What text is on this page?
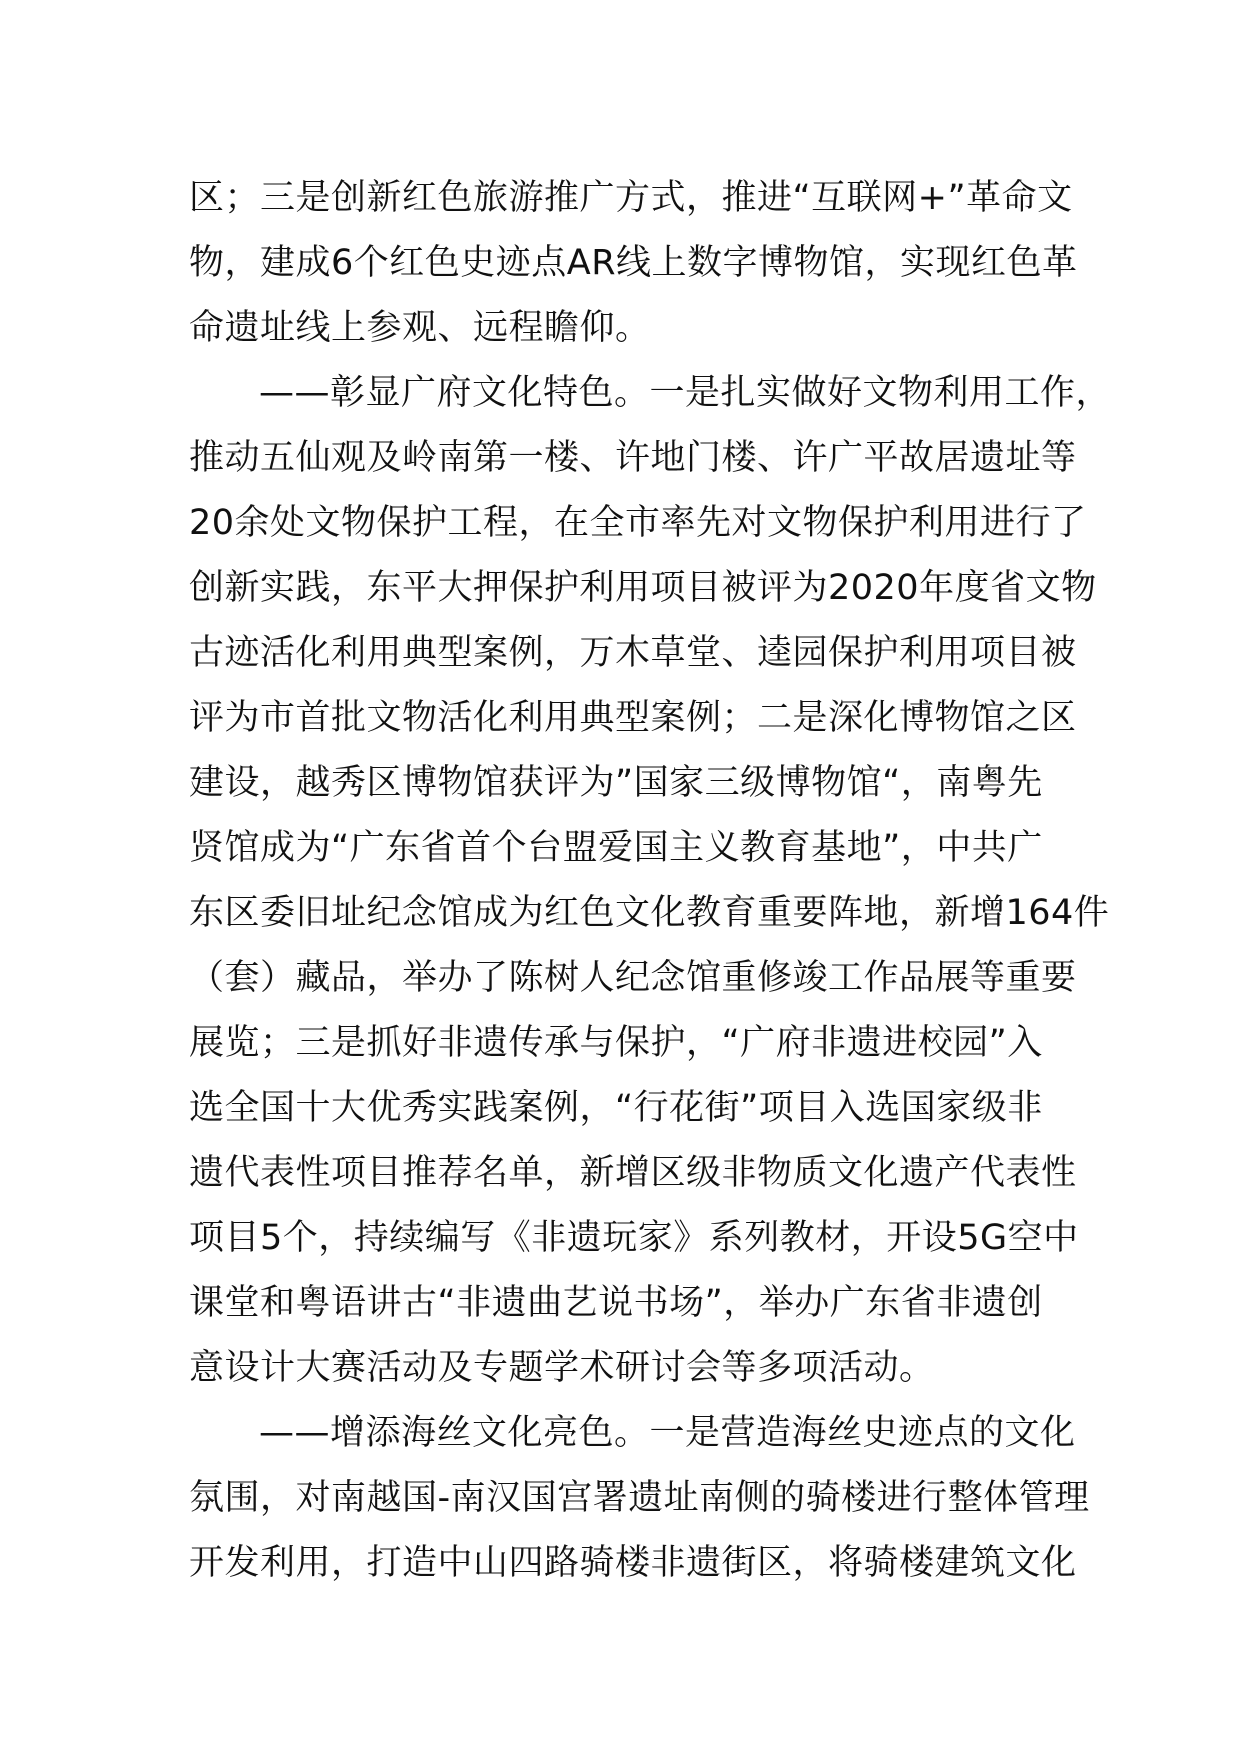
区；三是创新红色旅游推广方式，推进“互联网+”革命文
物，建成6个红色史迹点AR线上数字博物馆，实现红色革
命遗址线上参观、远程瞻仰。
——彰显广府文化特色。一是扎实做好文物利用工作，
推动五仙观及岭南第一楼、许地门楼、许广平故居遗址等
20余处文物保护工程，在全市率先对文物保护利用进行了
创新实践，东平大押保护利用项目被评为2020年度省文物
古迹活化利用典型案例，万木草堂、逵园保护利用项目被
评为市首批文物活化利用典型案例；二是深化博物馆之区
建设，越秀区博物馆获评为”国家三级博物馆“，南粤先
贤馆成为“广东省首个台盟爱国主义教育基地”，中共广
东区委旧址纪念馆成为红色文化教育重要阵地，新增164件
（套）藏品，举办了陈树人纪念馆重修竣工作品展等重要
展览；三是抓好非遗传承与保护，“广府非遗进校园”入
选全国十大优秀实践案例，“行花街”项目入选国家级非
遗代表性项目推荐名单，新增区级非物质文化遗产代表性
项目5个，持续编写《非遗玩家》系列教材，开设5G空中
课堂和粤语讲古“非遗曲艺说书场”，举办广东省非遗创
意设计大赛活动及专题学术研讨会等多项活动。
——增添海丝文化亮色。一是营造海丝史迹点的文化
氛围，对南越国-南汉国宫署遗址南侧的骑楼进行整体管理
开发利用，打造中山四路骑楼非遗街区，将骑楼建筑文化
